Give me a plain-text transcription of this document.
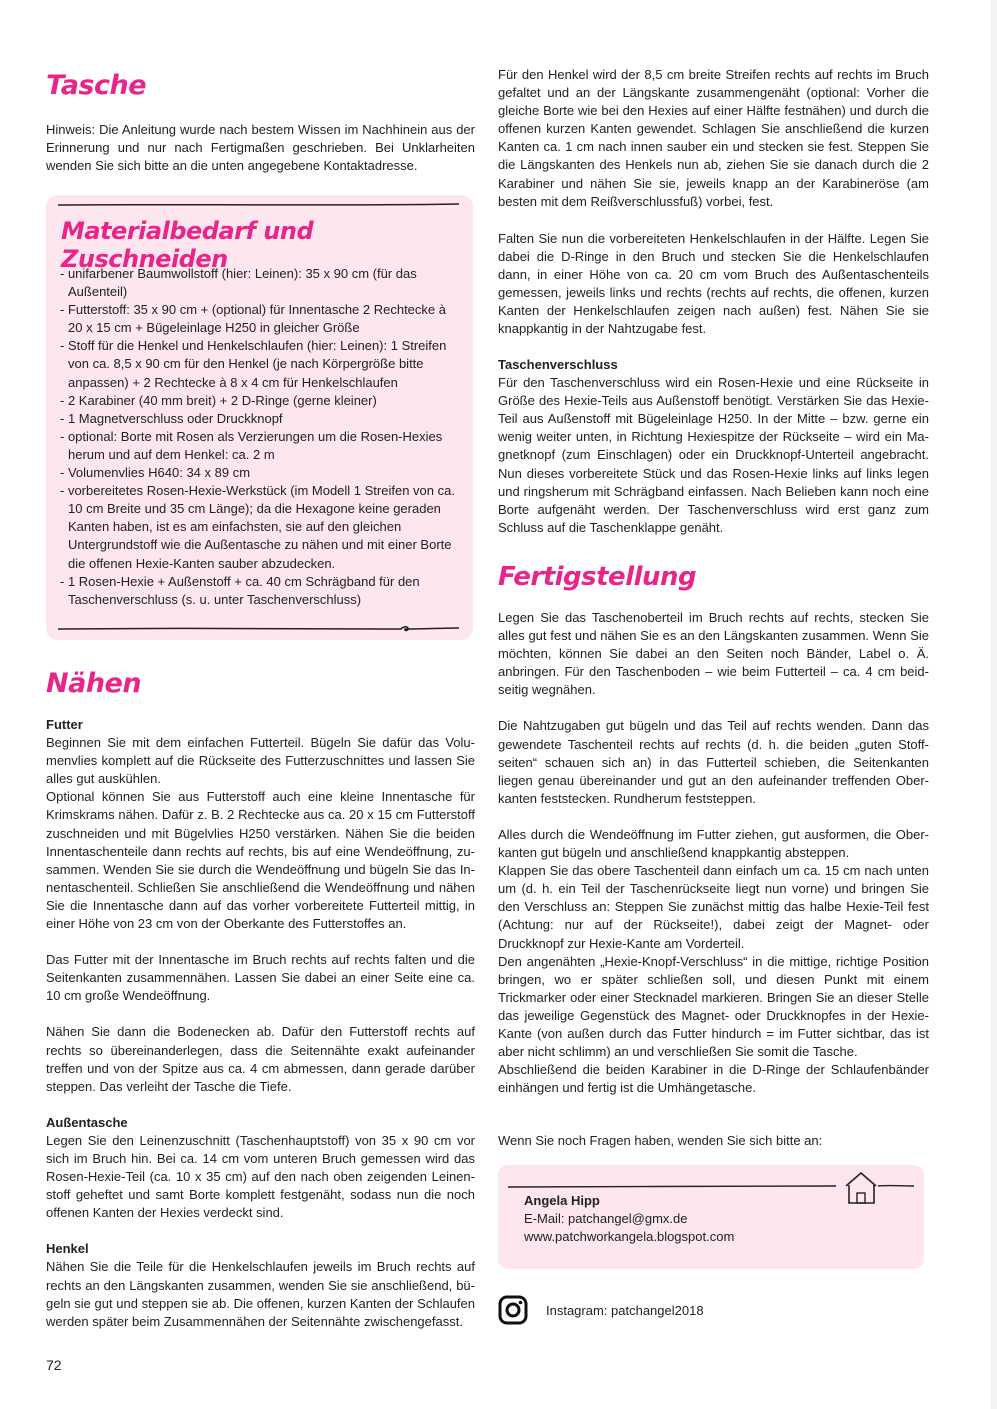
Tasche

Hinweis: Die Anleitung wurde nach bestem Wissen im Nachhinein aus der Erinnerung und nur nach Fertigmaßen geschrieben. Bei Unklarheiten wenden Sie sich bitte an die unten angegebene Kontaktadresse.

Nähen
Futter

Beginnen Sie mit dem einfachen Futterteil. Bügeln Sie dafür das Volumenvlies komplett auf die Rückseite des Futterzuschnittes und lassen Sie alles gut auskühlen.

Optional können Sie aus Futterstoff auch eine kleine Innentasche für Krimskrams nähen. Dafür z. B. 2 Rechtecke aus ca. 20 x 15 cm Futterstoff zuschneiden und mit Bügelvlies H250 verstärken. Nähen Sie die beiden Innentaschenteile dann rechts auf rechts, bis auf eine Wendeöffnung, zusammen. Wenden Sie sie durch die Wendeöffnung und bügeln Sie das Innentaschenteil. Schließen Sie anschließend die Wendeöffnung und nähen Sie die Innentasche dann auf das vorher vorbereitete Futterteil mittig, in einer Höhe von 23 cm von der Oberkante des Futterstoffes an.

Das Futter mit der Innentasche im Bruch rechts auf rechts falten und die Seitenkanten zusammennähen. Lassen Sie dabei an einer Seite eine ca. 10 cm große Wendeöffnung.

Nähen Sie dann die Bodenecken ab. Dafür den Futterstoff rechts auf rechts so übereinanderlegen, dass die Seitennähte exakt aufeinander treffen und von der Spitze aus ca. 4 cm abmessen, dann gerade darüber steppen. Das verleiht der Tasche die Tiefe.

Außentasche

Legen Sie den Leinenzuschnitt (Taschenhauptstoff) von 35 x 90 cm vor sich im Bruch hin. Bei ca. 14 cm vom unteren Bruch gemessen wird das Rosen-Hexie-Teil (ca. 10 x 35 cm) auf den nach oben zeigenden Leinenstoff geheftet und samt Borte komplett festgenäht, sodass nun die noch offenen Kanten der Hexies verdeckt sind.

Henkel

Nähen Sie die Teile für die Henkelschlaufen jeweils im Bruch rechts auf rechts an den Längskanten zusammen, wenden Sie sie anschließend, bügeln sie gut und steppen sie ab. Die offenen, kurzen Kanten der Schlaufen werden später beim Zusammennähen der Seitennähte zwischengefasst.

Materialbedarf und Zuschneiden
- unifarbener Baumwollstoff (hier: Leinen): 35 x 90 cm (für das Außenteil)
- Futterstoff: 35 x 90 cm + (optional) für Innentasche 2 Rechtecke à 20 x 15 cm + Bügeleinlage H250 in gleicher Größe
- Stoff für die Henkel und Henkelschlaufen (hier: Leinen): 1 Streifen von ca. 8,5 x 90 cm für den Henkel (je nach Körpergröße bitte anpassen) + 2 Rechtecke à 8 x 4 cm für Henkelschlaufen
- 2 Karabiner (40 mm breit) + 2 D-Ringe (gerne kleiner)
- 1 Magnetverschluss oder Druckknopf
- optional: Borte mit Rosen als Verzierungen um die Rosen-Hexies herum und auf dem Henkel: ca. 2 m
- Volumenvlies H640: 34 x 89 cm
- vorbereitetes Rosen-Hexie-Werkstück (im Modell 1 Streifen von ca. 10 cm Breite und 35 cm Länge); da die Hexagone keine geraden Kanten haben, ist es am einfachsten, sie auf den gleichen Untergrundstoff wie die Außentasche zu nähen und mit einer Borte die offenen Hexie-Kanten sauber abzudecken.
- 1 Rosen-Hexie + Außenstoff + ca. 40 cm Schrägband für den Taschenverschluss (s. u. unter Taschenverschluss)

Für den Henkel wird der 8,5 cm breite Streifen rechts auf rechts im Bruch gefaltet und an der Längskante zusammengenäht (optional: Vorher die gleiche Borte wie bei den Hexies auf einer Hälfte festnähen) und durch die offenen kurzen Kanten gewendet. Schlagen Sie anschließend die kurzen Kanten ca. 1 cm nach innen sauber ein und stecken sie fest. Steppen Sie die Längskanten des Henkels nun ab, ziehen Sie sie danach durch die 2 Karabiner und nähen Sie sie, jeweils knapp an der Karabineröse (am besten mit dem Reißverschlussfuß) vorbei, fest.

Falten Sie nun die vorbereiteten Henkelschlaufen in der Hälfte. Legen Sie dabei die D-Ringe in den Bruch und stecken Sie die Henkelschlaufen dann, in einer Höhe von ca. 20 cm vom Bruch des Außentaschenteils gemessen, jeweils links und rechts (rechts auf rechts, die offenen, kurzen Kanten der Henkelschlaufen zeigen nach außen) fest. Nähen Sie sie knappkantig in der Nahtzugabe fest.

Taschenverschluss

Für den Taschenverschluss wird ein Rosen-Hexie und eine Rückseite in Größe des Hexie-Teils aus Außenstoff benötigt. Verstärken Sie das Hexie-Teil aus Außenstoff mit Bügeleinlage H250. In der Mitte – bzw. gerne ein wenig weiter unten, in Richtung Hexiespitze der Rückseite – wird ein Magnetknopf (zum Einschlagen) oder ein Druckknopf-Unterteil angebracht. Nun dieses vorbereitete Stück und das Rosen-Hexie links auf links legen und ringsherum mit Schrägband einfassen. Nach Belieben kann noch eine Borte aufgenäht werden. Der Taschenverschluss wird erst ganz zum Schluss auf die Taschenklappe genäht.

Fertigstellung

Legen Sie das Taschenoberteil im Bruch rechts auf rechts, stecken Sie alles gut fest und nähen Sie es an den Längskanten zusammen. Wenn Sie möchten, können Sie dabei an den Seiten noch Bänder, Label o. Ä. anbringen. Für den Taschenboden – wie beim Futterteil – ca. 4 cm beidseitig wegnähen.

Die Nahtzugaben gut bügeln und das Teil auf rechts wenden. Dann das gewendete Taschenteil rechts auf rechts (d. h. die beiden „guten Stoffseiten“ schauen sich an) in das Futterteil schieben, die Seitenkanten liegen genau übereinander und gut an den aufeinander treffenden Oberkanten feststecken. Rundherum feststeppen.

Alles durch die Wendeöffnung im Futter ziehen, gut ausformen, die Oberkanten gut bügeln und anschließend knappkantig absteppen.

Klappen Sie das obere Taschenteil dann einfach um ca. 15 cm nach unten um (d. h. ein Teil der Taschenrückseite liegt nun vorne) und bringen Sie den Verschluss an: Steppen Sie zunächst mittig das halbe Hexie-Teil fest (Achtung: nur auf der Rückseite!), dabei zeigt der Magnet- oder Druckknopf zur Hexie-Kante am Vorderteil.

Den angenähten „Hexie-Knopf-Verschluss“ in die mittige, richtige Position bringen, wo er später schließen soll, und diesen Punkt mit einem Trickmarker oder einer Stecknadel markieren. Bringen Sie an dieser Stelle das jeweilige Gegenstück des Magnet- oder Druckknopfes in der Hexie-Kante (von außen durch das Futter hindurch = im Futter sichtbar, das ist aber nicht schlimm) an und verschließen Sie somit die Tasche.

Abschließend die beiden Karabiner in die D-Ringe der Schlaufenbänder einhängen und fertig ist die Umhängetasche.

Wenn Sie noch Fragen haben, wenden Sie sich bitte an:

Angela Hipp
E-Mail: patchangel@gmx.de
www.patchworkangela.blogspot.com
Instagram: patchangel2018
72
